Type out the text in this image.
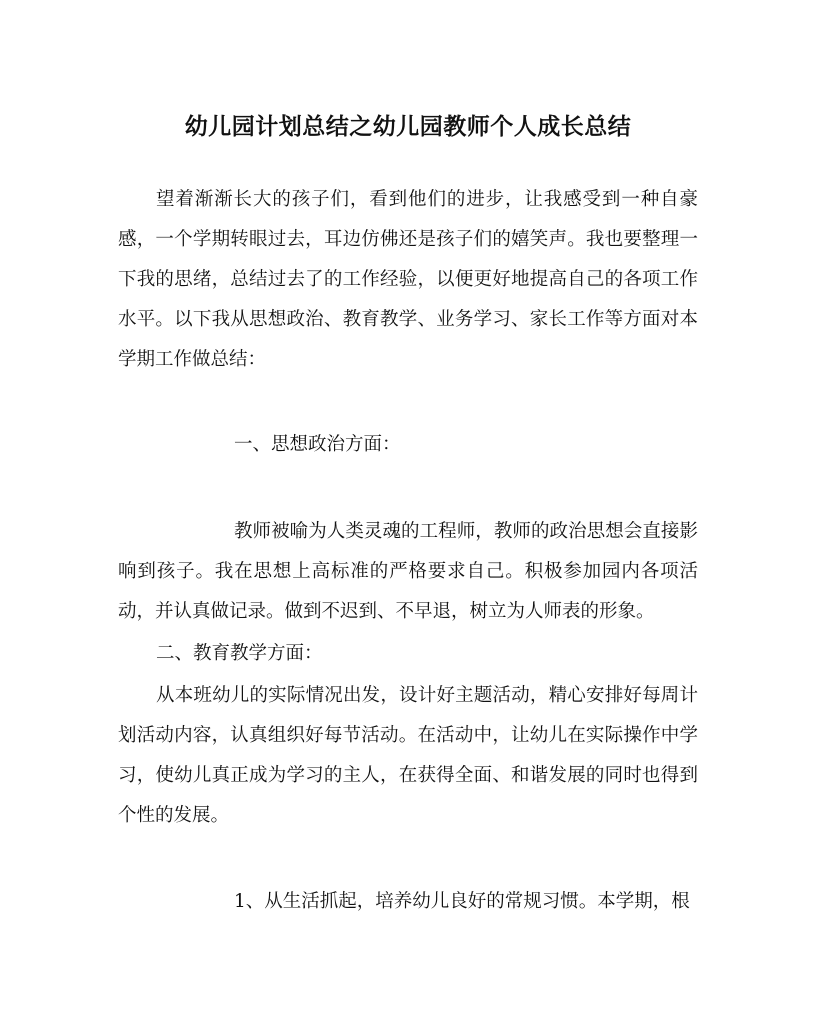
幼儿园计划总结之幼儿园教师个人成长总结

望着渐渐长大的孩子们，看到他们的进步，让我感受到一种自豪感，一个学期转眼过去，耳边仿佛还是孩子们的嬉笑声。我也要整理一下我的思绪，总结过去了的工作经验，以便更好地提高自己的各项工作水平。以下我从思想政治、教育教学、业务学习、家长工作等方面对本学期工作做总结：

一、思想政治方面：

教师被喻为人类灵魂的工程师，教师的政治思想会直接影响到孩子。我在思想上高标准的严格要求自己。积极参加园内各项活动，并认真做记录。做到不迟到、不早退，树立为人师表的形象。

二、教育教学方面：

从本班幼儿的实际情况出发，设计好主题活动，精心安排好每周计划活动内容，认真组织好每节活动。在活动中，让幼儿在实际操作中学习，使幼儿真正成为学习的主人，在获得全面、和谐发展的同时也得到个性的发展。

1、从生活抓起，培养幼儿良好的常规习惯。本学期，根
